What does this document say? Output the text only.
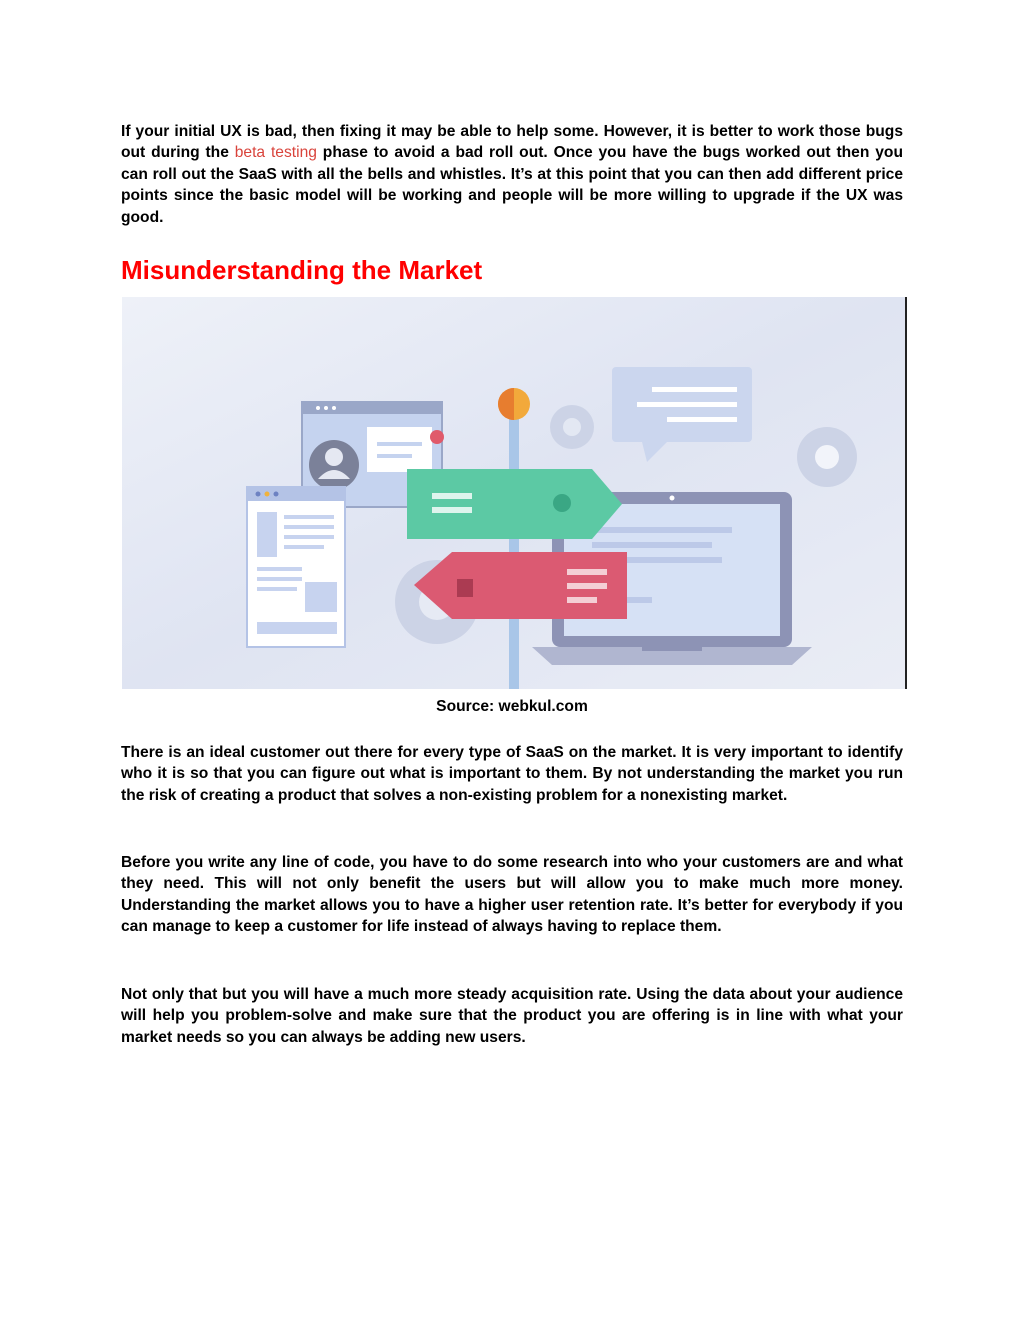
If your initial UX is bad, then fixing it may be able to help some. However, it is better to work those bugs out during the beta testing phase to avoid a bad roll out. Once you have the bugs worked out then you can roll out the SaaS with all the bells and whistles. It’s at this point that you can then add different price points since the basic model will be working and people will be more willing to upgrade if the UX was good.

Misunderstanding the Market
Source: webkul.com

There is an ideal customer out there for every type of SaaS on the market. It is very important to identify who it is so that you can figure out what is important to them. By not understanding the market you run the risk of creating a product that solves a non-existing problem for a nonexisting market.

Before you write any line of code, you have to do some research into who your customers are and what they need. This will not only benefit the users but will allow you to make much more money. Understanding the market allows you to have a higher user retention rate. It’s better for everybody if you can manage to keep a customer for life instead of always having to replace them.

Not only that but you will have a much more steady acquisition rate. Using the data about your audience will help you problem-solve and make sure that the product you are offering is in line with what your market needs so you can always be adding new users.
